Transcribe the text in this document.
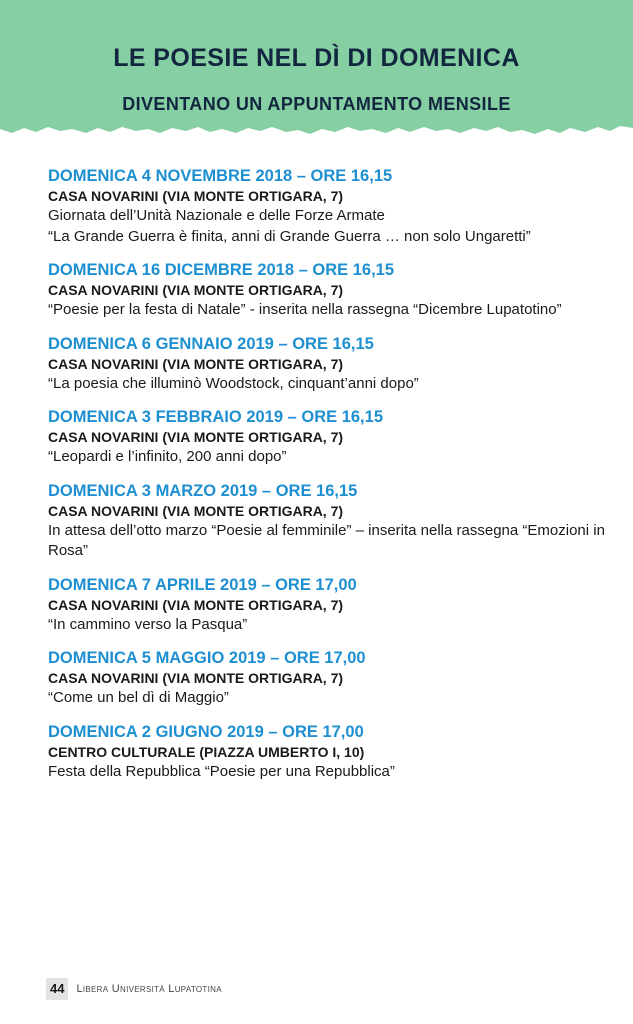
LE POESIE NEL DÌ DI DOMENICA
DIVENTANO UN APPUNTAMENTO MENSILE
DOMENICA 4 NOVEMBRE 2018 – ORE 16,15
CASA NOVARINI (VIA MONTE ORTIGARA, 7)
Giornata dell’Unità Nazionale e delle Forze Armate
“La Grande Guerra è finita, anni di Grande Guerra … non solo Ungaretti”
DOMENICA 16 DICEMBRE 2018 – ORE 16,15
CASA NOVARINI (VIA MONTE ORTIGARA, 7)
“Poesie per la festa di Natale” - inserita nella rassegna “Dicembre Lupatotino”
DOMENICA 6 GENNAIO 2019 – ORE 16,15
CASA NOVARINI (VIA MONTE ORTIGARA, 7)
“La poesia che illuminò Woodstock, cinquant’anni dopo”
DOMENICA 3 FEBBRAIO 2019 – ORE 16,15
CASA NOVARINI (VIA MONTE ORTIGARA, 7)
“Leopardi e l’infinito, 200 anni dopo”
DOMENICA 3 MARZO 2019 – ORE 16,15
CASA NOVARINI (VIA MONTE ORTIGARA, 7)
In attesa dell’otto marzo “Poesie al femminile” – inserita nella rassegna “Emozioni in Rosa”
DOMENICA 7 APRILE 2019 – ORE 17,00
CASA NOVARINI (VIA MONTE ORTIGARA, 7)
“In cammino verso la Pasqua”
DOMENICA 5 MAGGIO 2019 – ORE 17,00
CASA NOVARINI (VIA MONTE ORTIGARA, 7)
“Come un bel dì di Maggio”
DOMENICA 2 GIUGNO 2019 – ORE 17,00
CENTRO CULTURALE (PIAZZA UMBERTO I, 10)
Festa della Repubblica “Poesie per una Repubblica”
44	Libera Università Lupatotina
